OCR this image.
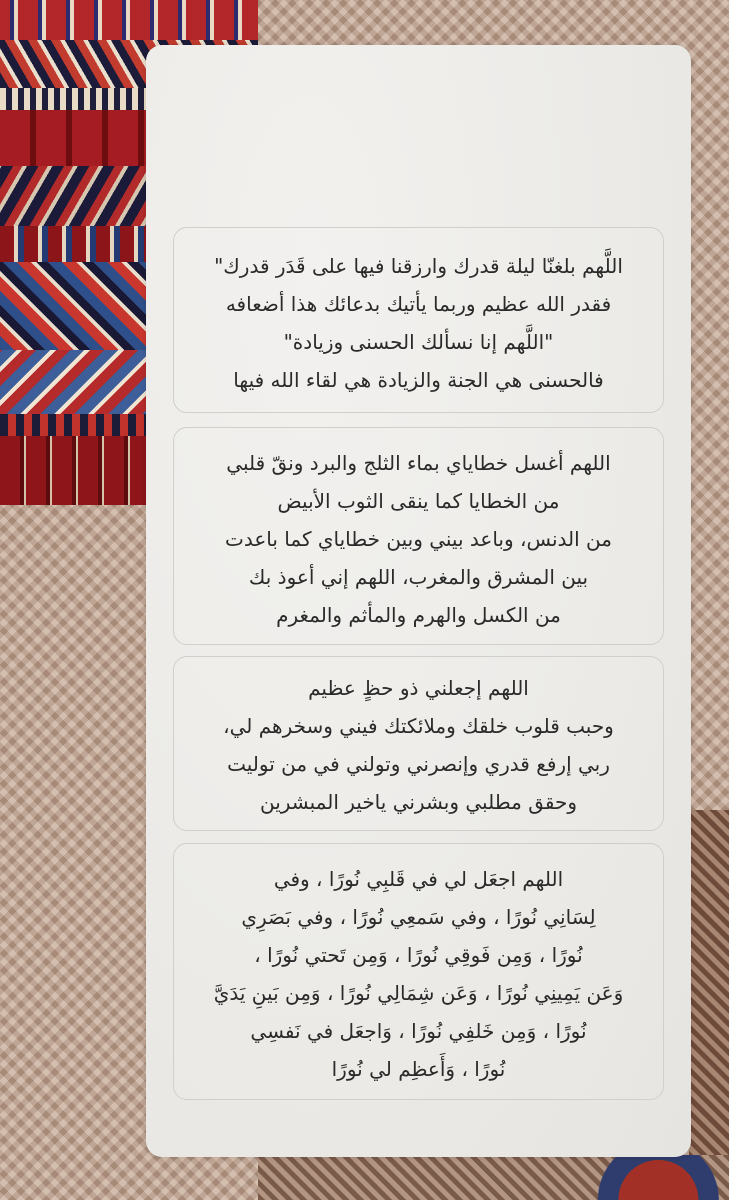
اللَّهم بلغنّا ليلة قدرك وارزقنا فيها على قَدَر قدرك"

فقدر الله عظيم وربما يأتيك بدعائك هذا أضعافه

"اللَّهم إنا نسألك الحسنى وزيادة"

فالحسنى هي الجنة والزيادة هي لقاء الله فيها

اللهم أغسل خطاياي بماء الثلج والبرد ونقّ قلبي

من الخطايا كما ينقى الثوب الأبيض

من الدنس، وباعد بيني وبين خطاياي كما باعدت

بين المشرق والمغرب، اللهم إني أعوذ بك

من الكسل والهرم والمأثم والمغرم

اللهم إجعلني ذو حظٍ عظيم

وحبب قلوب خلقك وملائكتك فيني وسخرهم لي،

ربي إرفع قدري وإنصرني وتولني في من توليت

وحقق مطلبي وبشرني ياخير المبشرين

اللهم اجعَل لي في قَلبِي نُورًا ، وفي

لِسَانِي نُورًا ، وفي سَمعِي نُورًا ، وفي بَصَرِي

نُورًا ، وَمِن فَوقِي نُورًا ، وَمِن تَحتي نُورًا ،

وَعَن يَمِينِي نُورًا ، وَعَن شِمَالِي نُورًا ، وَمِن بَينِ يَدَيَّ

نُورًا ، وَمِن خَلفِي نُورًا ، وَاجعَل في نَفسِي

نُورًا ، وَأَعظِم لي نُورًا
